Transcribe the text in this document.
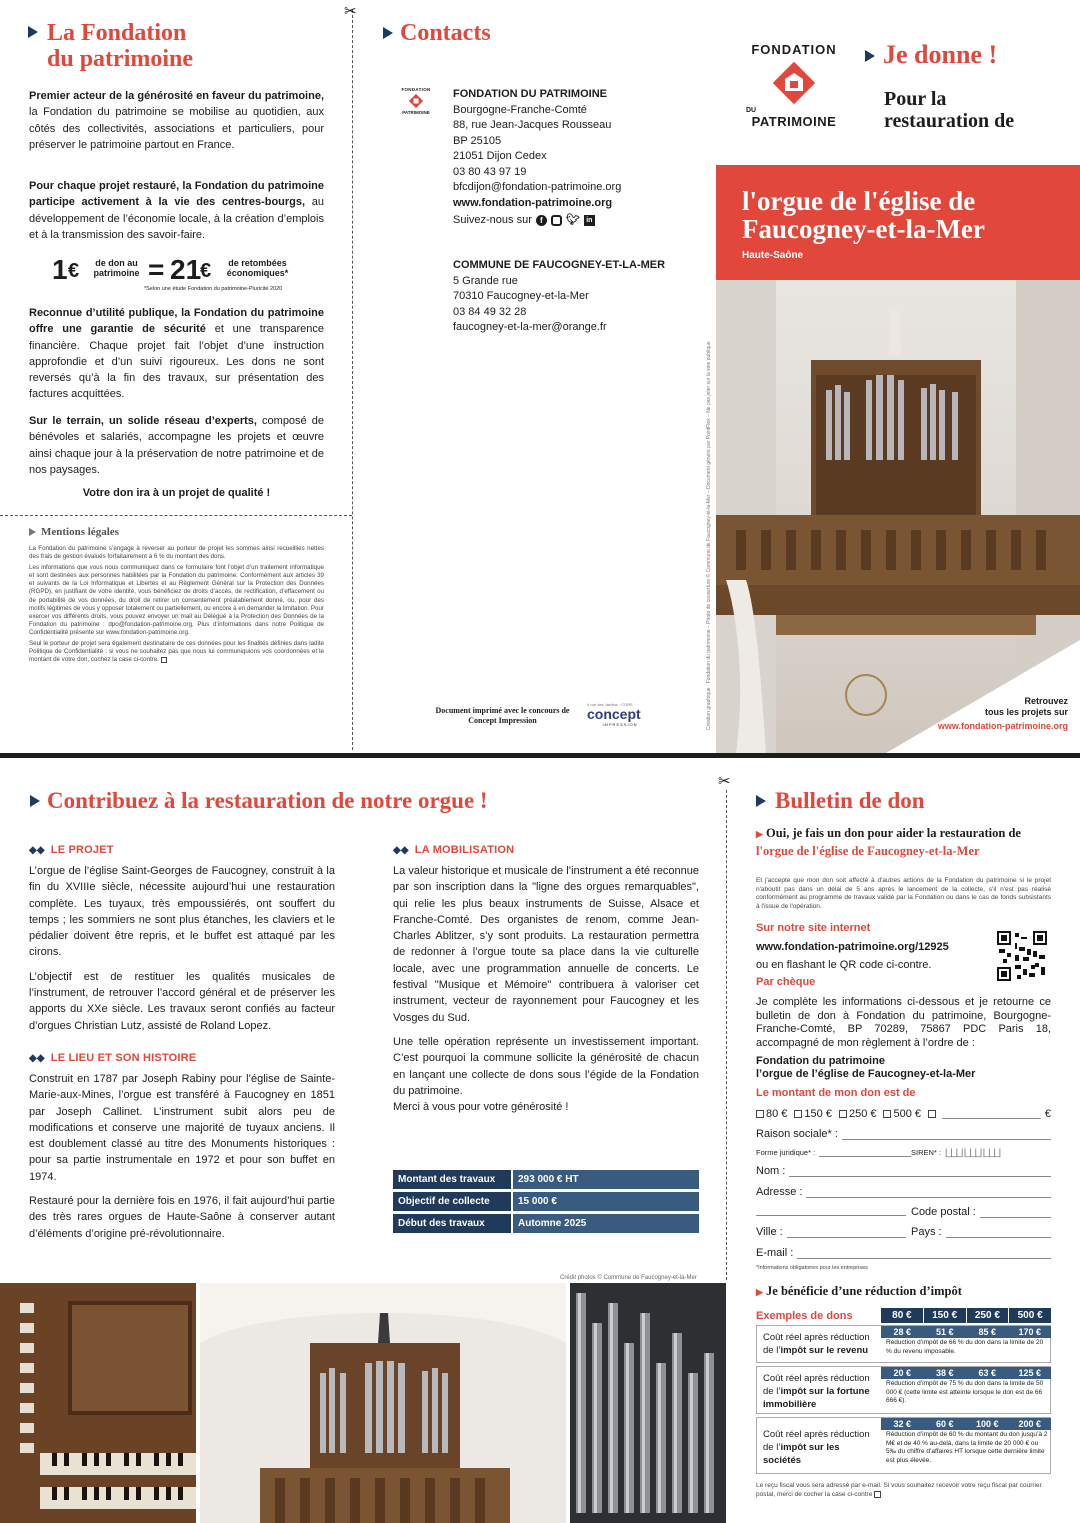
✂
✂
La Fondation
du patrimoine
Premier acteur de la générosité en faveur du patrimoine, la Fondation du patrimoine se mobilise au quotidien, aux côtés des collectivités, associations et particuliers, pour préserver le patrimoine partout en France.
Pour chaque projet restauré, la Fondation du patrimoine participe activement à la vie des centres-bourgs, au développement de l’économie locale, à la création d’emplois et à la transmission des savoir-faire.
1 €	de don au patrimoine = 21
€	de retombées économiques*
*Selon une étude Fondation du patrimoine-Pluricité 2020
Reconnue d’utilité publique, la Fondation du patrimoine offre une garantie de sécurité et une transparence financière. Chaque projet fait l’objet d’une instruction approfondie et d’un suivi rigoureux. Les dons ne sont reversés qu’à la fin des travaux, sur présentation des factures acquittées.
Sur le terrain, un solide réseau d’experts, composé de bénévoles et salariés, accompagne les projets et œuvre ainsi chaque jour à la préservation de notre patrimoine et de nos paysages.
Votre don ira à un projet de qualité !
Mentions légales

La Fondation du patrimoine s’engage à reverser au porteur de projet les sommes ainsi recueillies nettes des frais de gestion évalués forfaitairement à 6 % du montant des dons.

Les informations que vous nous communiquez dans ce formulaire font l’objet d’un traitement informatique et sont destinées aux personnes habilitées par la Fondation du patrimoine. Conformément aux articles 39 et suivants de la Loi Informatique et Libertés et au Règlement Général sur la Protection des Données (RGPD), en justifiant de votre identité, vous bénéficiez de droits d’accès, de rectification, d’effacement ou de portabilité de vos données, du droit de retirer un consentement préalablement donné, ou, pour des motifs légitimes de vous y opposer totalement ou partiellement, ou encore à en demander la limitation. Pour exercer vos différents droits, vous pouvez envoyer un mail au Délégué à la Protection des Données de la Fondation du patrimoine : dpo@fondation-patrimoine.org. Plus d’informations dans notre Politique de Confidentialité présente sur www.fondation-patrimoine.org.

Seul le porteur de projet sera également destinataire de ces données pour les finalités définies dans ladite Politique de Confidentialité : si vous ne souhaitez pas que nous lui communiquions vos coordonnées et le montant de votre don, cochez la case ci-contre.

Contacts
FONDATION
PATRIMOINE
FONDATION DU PATRIMOINE
Bourgogne-Franche-Comté
88, rue Jean-Jacques Rousseau
BP 25105
21051 Dijon Cedex
03 80 43 97 19
bfcdijon@fondation-patrimoine.org
www.fondation-patrimoine.org
Suivez-nous sur	f	🐦︎ in
COMMUNE DE FAUCOGNEY-ET-LA-MER
5 Grande rue
70310 Faucogney-et-la-Mer
03 84 49 32 28
faucogney-et-la-mer@orange.fr
Document imprimé avec le concours de
Concept Impression
4 rue des Jardins · CORE
concept
IMPRESSION	Création graphique : Fondation du patrimoine – Photo de couverture © Commune de Faucogney-et-la-Mer – Document généré par PointFlex – Ne pas jeter sur la voie publique
FONDATION
DU
PATRIMOINE
Je donne !
Pour la
restauration de
l'orgue de l'église de
Faucogney-et-la-Mer
Haute-Saône
Retrouvez
tous les projets sur
www.fondation-patrimoine.org
Contribuez à la restauration de notre orgue !
◆◆ LE PROJET

L’orgue de l’église Saint-Georges de Faucogney, construit à la fin du XVIIIe siècle, nécessite aujourd’hui une restauration complète. Les tuyaux, très empoussiérés, ont souffert du temps ; les sommiers ne sont plus étanches, les claviers et le pédalier doivent être repris, et le buffet est attaqué par les cirons.

L’objectif est de restituer les qualités musicales de l’instrument, de retrouver l’accord général et de préserver les apports du XXe siècle. Les travaux seront confiés au facteur d’orgues Christian Lutz, assisté de Roland Lopez.

◆◆ LE LIEU ET SON HISTOIRE

Construit en 1787 par Joseph Rabiny pour l’église de Sainte-Marie-aux-Mines, l’orgue est transféré à Faucogney en 1851 par Joseph Callinet. L’instrument subit alors peu de modifications et conserve une majorité de tuyaux anciens. Il est doublement classé au titre des Monuments historiques : pour sa partie instrumentale en 1972 et pour son buffet en 1974.

Restauré pour la dernière fois en 1976, il fait aujourd’hui partie des très rares orgues de Haute-Saône à conserver autant d’éléments d’origine pré-révolutionnaire.

◆◆ LA MOBILISATION

La valeur historique et musicale de l’instrument a été reconnue par son inscription dans la "ligne des orgues remarquables", qui relie les plus beaux instruments de Suisse, Alsace et Franche-Comté. Des organistes de renom, comme Jean-Charles Ablitzer, s’y sont produits. La restauration permettra de redonner à l’orgue toute sa place dans la vie culturelle locale, avec une programmation annuelle de concerts. Le festival "Musique et Mémoire" contribuera à valoriser cet instrument, vecteur de rayonnement pour Faucogney et les Vosges du Sud.

Une telle opération représente un investissement important. C’est pourquoi la commune sollicite la générosité de chacun en lançant une collecte de dons sous l’égide de la Fondation du patrimoine.

Merci à vous pour votre générosité !

Montant des travaux	293 000 € HT
Objectif de collecte	15 000 €
Début des travaux	Automne 2025
Crédit photos © Commune de Faucogney-et-la-Mer
Bulletin de don
▶ Oui, je fais un don pour aider la restauration de
l'orgue de l'église de Faucogney-et-la-Mer
Et j'accepte que mon don soit affecté à d'autres actions de la Fondation du patrimoine si le projet n'aboutit pas dans un délai de 5 ans après le lancement de la collecte, s'il n'est pas réalisé conformément au programme de travaux validé par la Fondation ou dans le cas de fonds subsistants à l'issue de l'opération.
Sur notre site internet
www.fondation-patrimoine.org/12925
ou en flashant le QR code ci-contre.
Par chèque
Je complète les informations ci-dessous et je retourne ce bulletin de don à Fondation du patrimoine, Bourgogne-Franche-Comté, BP 70289, 75867 PDC Paris 18, accompagné de mon règlement à l’ordre de :
Fondation du patrimoine
l’orgue de l’église de Faucogney-et-la-Mer
Le montant de mon don est de
80 €	150 €	250 €	500 €	€
Raison sociale* :
Forme juridique* :	SIREN* : |_|_|_| |_|_|_| |_|_|_|
Nom :
Adresse :
Code postal :
Ville :	Pays :
E-mail :
*Informations obligatoires pour les entreprises
▶ Je bénéficie d’une réduction d’impôt
Exemples de dons	80 €	150 €	250 €	500 €
Coût réel après réduction
de l’impôt sur le revenu
28 €	51 €	85 €	170 €
Réduction d’impôt de 66 % du don dans la limite de 20 % du revenu imposable.
Coût réel après réduction
de l’impôt sur la fortune
immobilière
20 €	38 €	63 €	125 €
Réduction d’impôt de 75 % du don dans la limite de 50 000 € (cette limite est atteinte lorsque le don est de 66 666 €).
Coût réel après réduction
de l’impôt sur les
sociétés
32 €	60 €	100 €	200 €
Réduction d’impôt de 60 % du montant du don jusqu’à 2 M€ et de 40 % au-delà, dans la limite de 20 000 € ou 5‰ du chiffre d’affaires HT lorsque cette dernière limite est plus élevée.
Le reçu fiscal vous sera adressé par e-mail. Si vous souhaitez recevoir votre reçu fiscal par courrier postal, merci de cocher la case ci-contre
